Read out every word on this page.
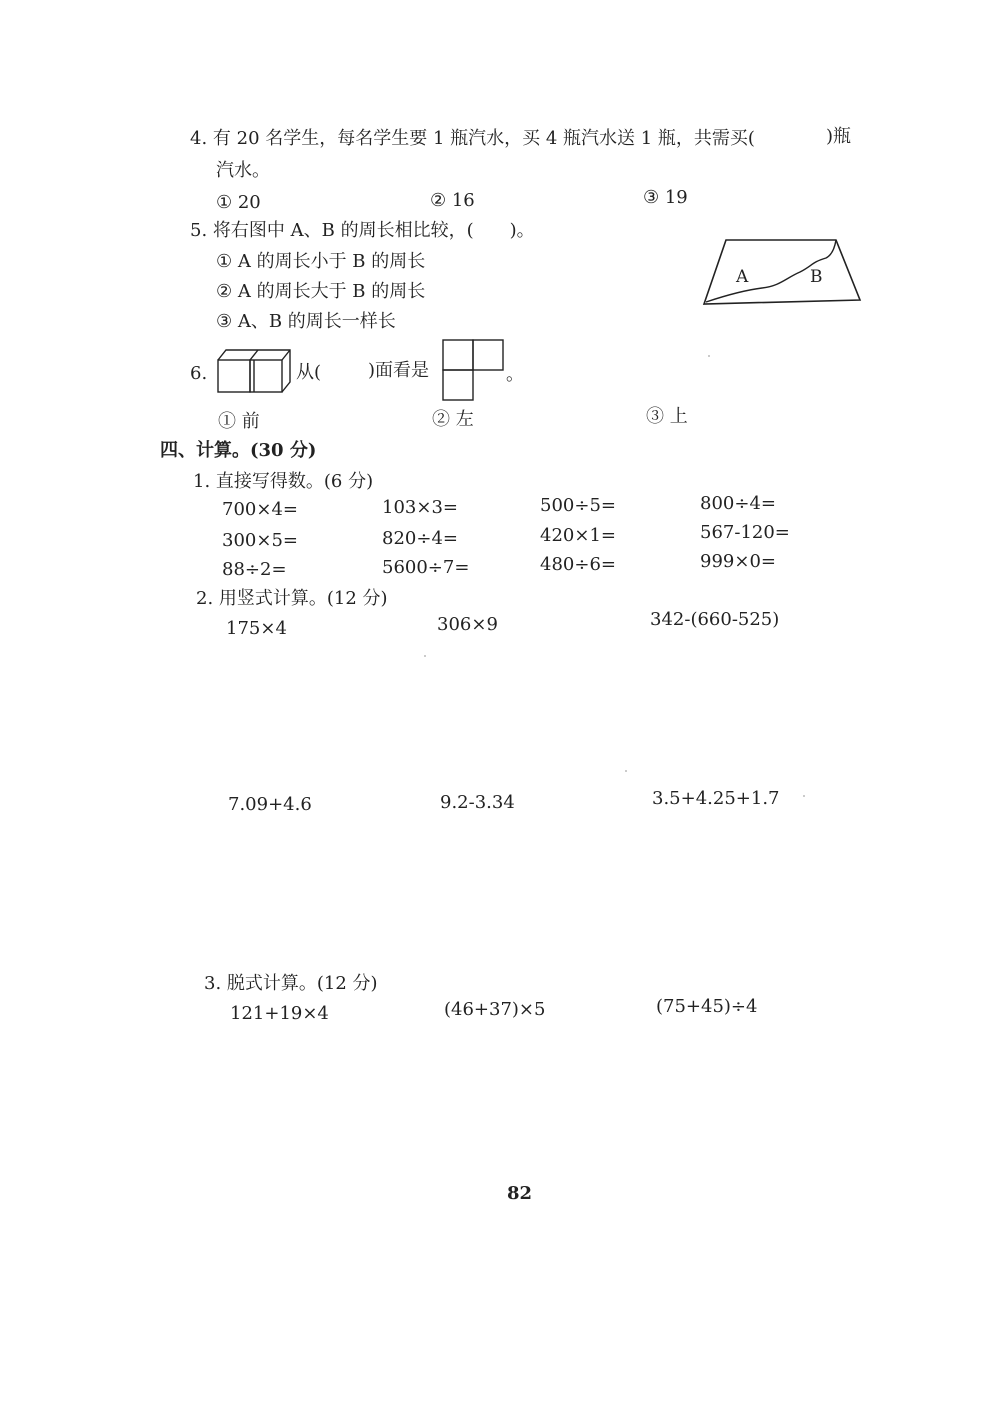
4. 有 20 名学生，每名学生要 1 瓶汽水，买 4 瓶汽水送 1 瓶，共需买(	)瓶
汽水。
① 20	② 16	③ 19
5. 将右图中 A、B 的周长相比较，(　　)。
① A 的周长小于 B 的周长
② A 的周长大于 B 的周长
③ A、B 的周长一样长
A	B
6.	从(	)面看是	。
① 前	② 左	③ 上
四、计算。(30 分)
1. 直接写得数。(6 分)
700×4=	103×3=	500÷5=	800÷4=
300×5=	820÷4=	420×1=	567-120=
88÷2=	5600÷7=	480÷6=	999×0=
2. 用竖式计算。(12 分)
175×4	306×9	342-(660-525)
7.09+4.6	9.2-3.34	3.5+4.25+1.7
3. 脱式计算。(12 分)
121+19×4	(46+37)×5	(75+45)÷4
82
